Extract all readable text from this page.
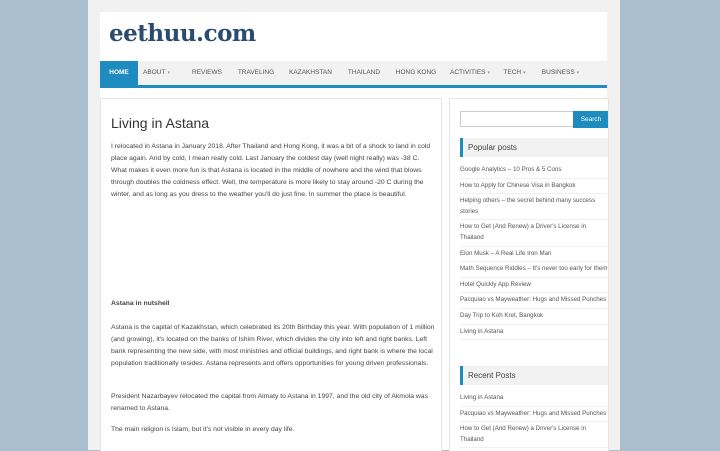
eethuu.com
HOME	ABOUT ▾	REVIEWS	TRAVELING	KAZAKHSTAN	THAILAND	HONG KONG	ACTIVITIES ▾	TECH ▾	BUSINESS ▾
Living in Astana

I relocated in Astana in January 2018. After Thailand and Hong Kong, it was a bit of a shock to land in cold place again. And by cold, I mean really cold. Last January the coldest day (well night really) was -38 C. What makes it even more fun is that Astana is located in the middle of nowhere and the wind that blows through doubles the coldness effect. Well, the temperature is more likely to stay around -20 C during the winter, and as long as you dress to the weather you'll do just fine. In summer the place is beautiful.

Astana in nutshell

Astana is the capital of Kazakhstan, which celebrated its 20th Birthday this year. With population of 1 million (and growing), it's located on the banks of Ishim River, which divides the city into left and right banks. Left bank representing the new side, with most ministries and official buildings, and right bank is where the local population traditionally resides. Astana represents and offers opportunities for young driven professionals.

President Nazarbayev relocated the capital from Almaty to Astana in 1997, and the old city of Akmola was renamed to Astana.

The main religion is Islam, but it's not visible in every day life.

Search
Popular posts
Google Analytics – 10 Pros & 5 Cons
How to Apply for Chinese Visa in Bangkok
Helping others – the secret behind many success stories
How to Get (And Renew) a Driver's License in Thailand
Elon Musk – A Real Life Iron Man
Math Sequence Riddles – It's never too early for them
Hotel Quickly App Review
Pacquiao vs Mayweather: Hugs and Missed Punches
Day Trip to Koh Kret, Bangkok
Living in Astana
Recent Posts
Living in Astana
Pacquiao vs Mayweather: Hugs and Missed Punches
How to Get (And Renew) a Driver's License in Thailand
